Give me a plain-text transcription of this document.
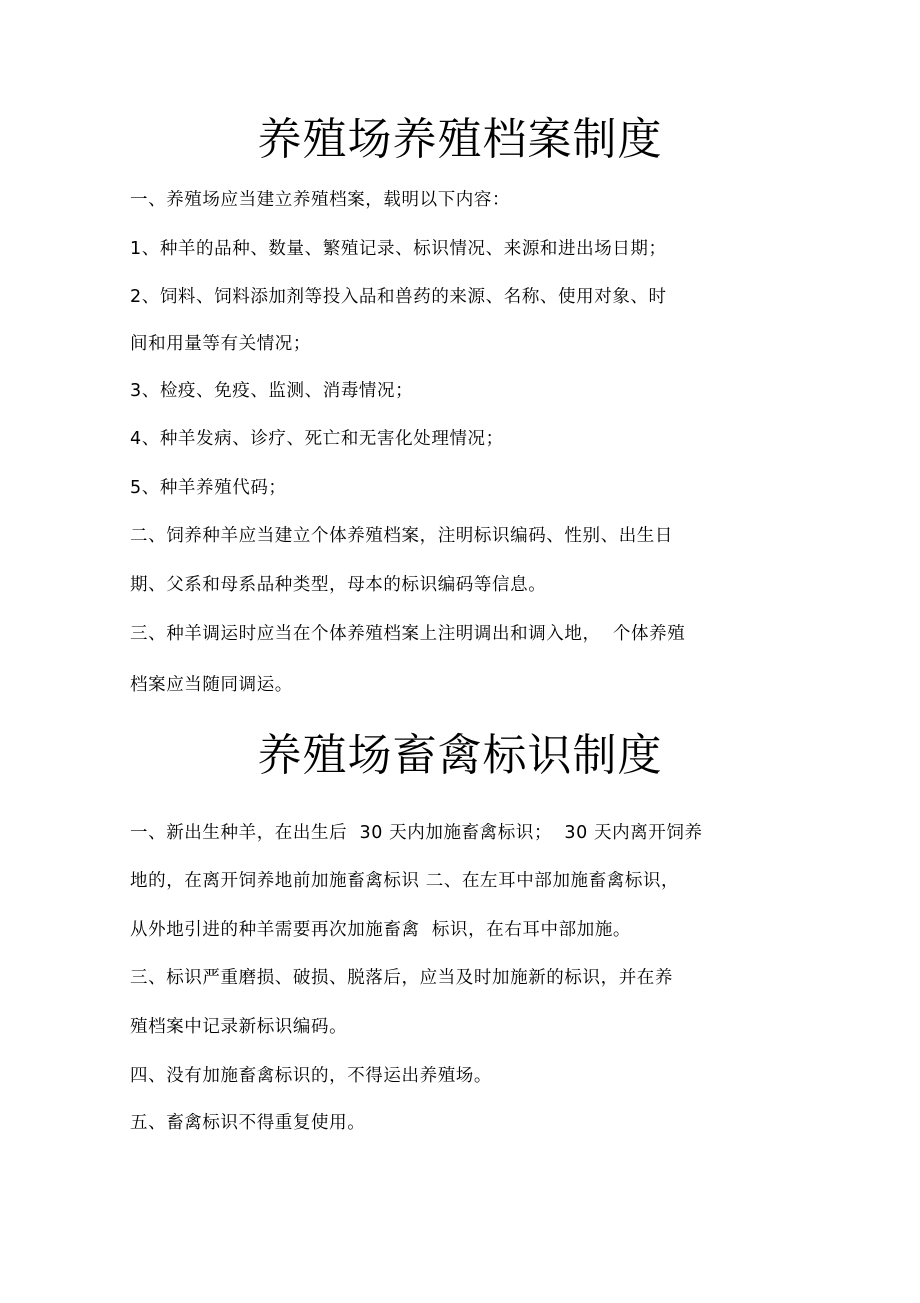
养殖场养殖档案制度
一、养殖场应当建立养殖档案，载明以下内容：
1、种羊的品种、数量、繁殖记录、标识情况、来源和进出场日期；
2、饲料、饲料添加剂等投入品和兽药的来源、名称、使用对象、时
间和用量等有关情况；
3、检疫、免疫、监测、消毒情况；
4、种羊发病、诊疗、死亡和无害化处理情况；
5、种羊养殖代码；
二、饲养种羊应当建立个体养殖档案，注明标识编码、性别、出生日
期、父系和母系品种类型，母本的标识编码等信息。
三、种羊调运时应当在个体养殖档案上注明调出和调入地，  个体养殖
档案应当随同调运。
养殖场畜禽标识制度
一、新出生种羊，在出生后  30 天内加施畜禽标识；  30 天内离开饲养
地的，在离开饲养地前加施畜禽标识 二、在左耳中部加施畜禽标识，
从外地引进的种羊需要再次加施畜禽  标识，在右耳中部加施。
三、标识严重磨损、破损、脱落后，应当及时加施新的标识，并在养
殖档案中记录新标识编码。
四、没有加施畜禽标识的，不得运出养殖场。
五、畜禽标识不得重复使用。
